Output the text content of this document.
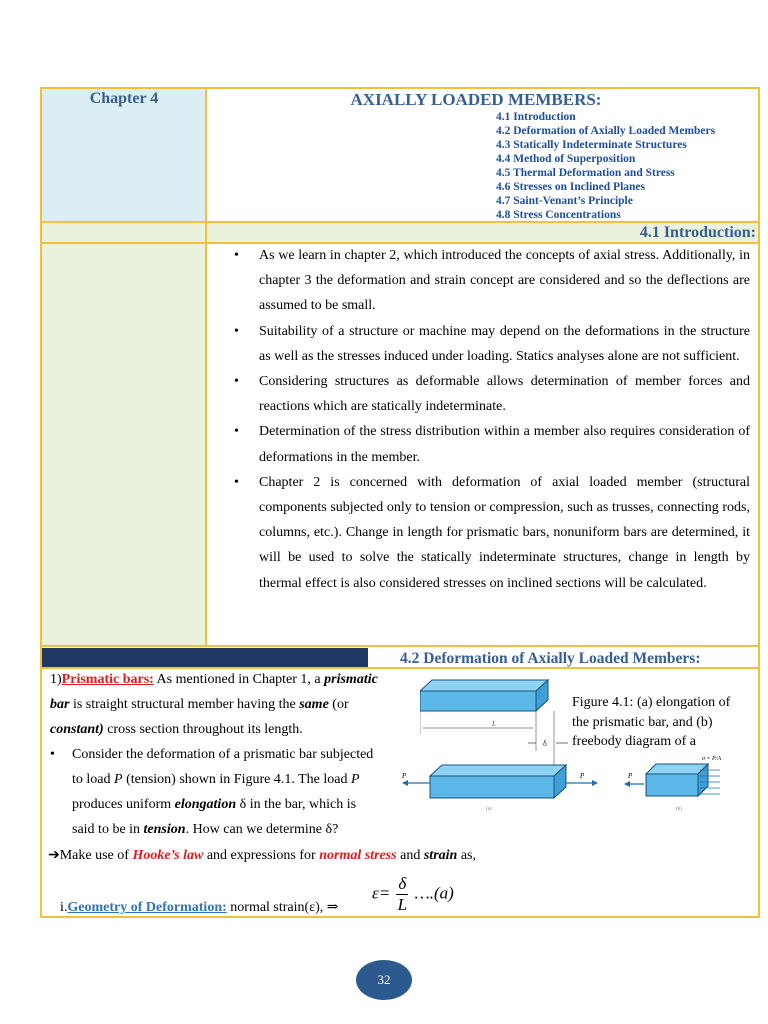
Chapter 4	AXIALLY LOADED MEMBERS:
4.1 Introduction
4.2 Deformation of Axially Loaded Members
4.3 Statically Indeterminate Structures
4.4 Method of Superposition
4.5 Thermal Deformation and Stress
4.6 Stresses on Inclined Planes
4.7 Saint-Venant’s Principle
4.8 Stress Concentrations
4.1 Introduction:
• As we learn in chapter 2, which introduced the concepts of axial stress. Additionally, in chapter 3 the deformation and strain concept are considered and so the deflections are assumed to be small.
• Suitability of a structure or machine may depend on the deformations in the structure as well as the stresses induced under loading. Statics analyses alone are not sufficient.
• Considering structures as deformable allows determination of member forces and reactions which are statically indeterminate.
• Determination of the stress distribution within a member also requires consideration of deformations in the member.
• Chapter 2 is concerned with deformation of axial loaded member (structural components subjected only to tension or compression, such as trusses, connecting rods, columns, etc.). Change in length for prismatic bars, nonuniform bars are determined, it will be used to solve the statically indeterminate structures, change in length by thermal effect is also considered stresses on inclined sections will be calculated.
4.2 Deformation of Axially Loaded Members:
1)Prismatic bars: As mentioned in Chapter 1, a prismatic
bar is straight structural member having the same (or
constant) cross section throughout its length.
• Consider the deformation of a prismatic bar subjected
to load P (tension) shown in Figure 4.1. The load P
produces uniform elongation δ in the bar, which is
said to be in tension. How can we determine δ?
➔Make use of Hooke’s law and expressions for normal stress and strain as,
i.Geometry of Deformation: normal strain(ε), ⇒
$\varepsilon= \frac{\delta}{L}$ ….(a)
Figure 4.1: (a) elongation of the prismatic bar, and (b) freebody diagram of a
L
δ
(a)
P	P
σ = P/A
P
(b)
32
